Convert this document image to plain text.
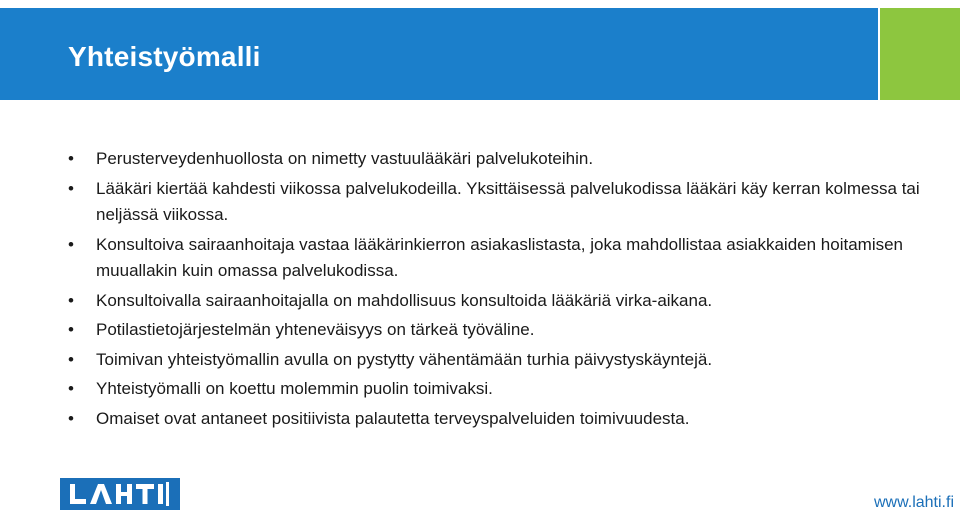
Yhteistyömalli
• Perusterveydenhuollosta on nimetty vastuulääkäri palvelukoteihin.
• Lääkäri kiertää kahdesti viikossa palvelukodeilla. Yksittäisessä palvelukodissa lääkäri käy kerran kolmessa tai neljässä viikossa.
• Konsultoiva sairaanhoitaja vastaa lääkärinkierron asiakaslistasta, joka mahdollistaa asiakkaiden hoitamisen muuallakin kuin omassa palvelukodissa.
• Konsultoivalla sairaanhoitajalla on mahdollisuus konsultoida lääkäriä virka-aikana.
• Potilastietojärjestelmän yhteneväisyys on tärkeä työväline.
• Toimivan yhteistyömallin avulla on pystytty vähentämään turhia päivystyskäyntejä.
• Yhteistyömalli on koettu molemmin puolin toimivaksi.
• Omaiset ovat antaneet positiivista palautetta terveyspalveluiden toimivuudesta.
www.lahti.fi
